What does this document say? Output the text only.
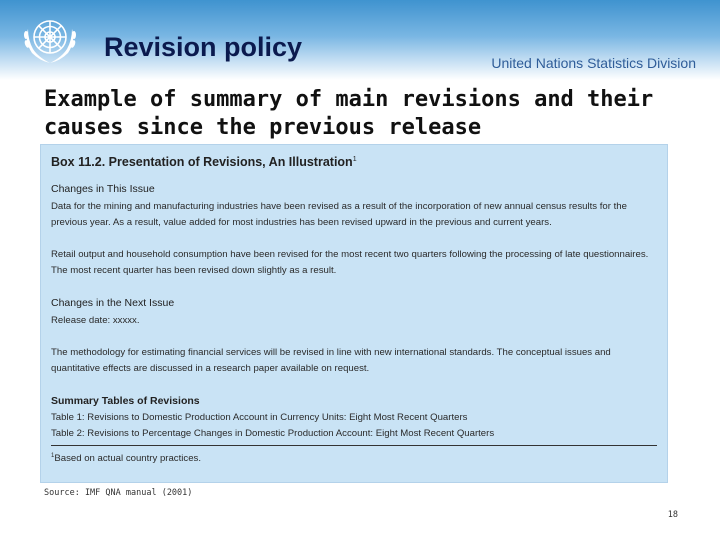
Revision policy
United Nations Statistics Division
Example of summary of main revisions and their causes since the previous release
Box 11.2. Presentation of Revisions, An Illustration$^1$
Changes in This Issue
Data for the mining and manufacturing industries have been revised as a result of the incorporation of new annual census results for the previous year. As a result, value added for most industries has been revised upward in the previous and current years.
Retail output and household consumption have been revised for the most recent two quarters following the processing of late questionnaires. The most recent quarter has been revised down slightly as a result.
Changes in the Next Issue
Release date: xxxxx.
The methodology for estimating financial services will be revised in line with new international standards. The conceptual issues and quantitative effects are discussed in a research paper available on request.
Summary Tables of Revisions
Table 1: Revisions to Domestic Production Account in Currency Units: Eight Most Recent Quarters
Table 2: Revisions to Percentage Changes in Domestic Production Account: Eight Most Recent Quarters
$^1$Based on actual country practices.
Source: IMF QNA manual (2001)
18
